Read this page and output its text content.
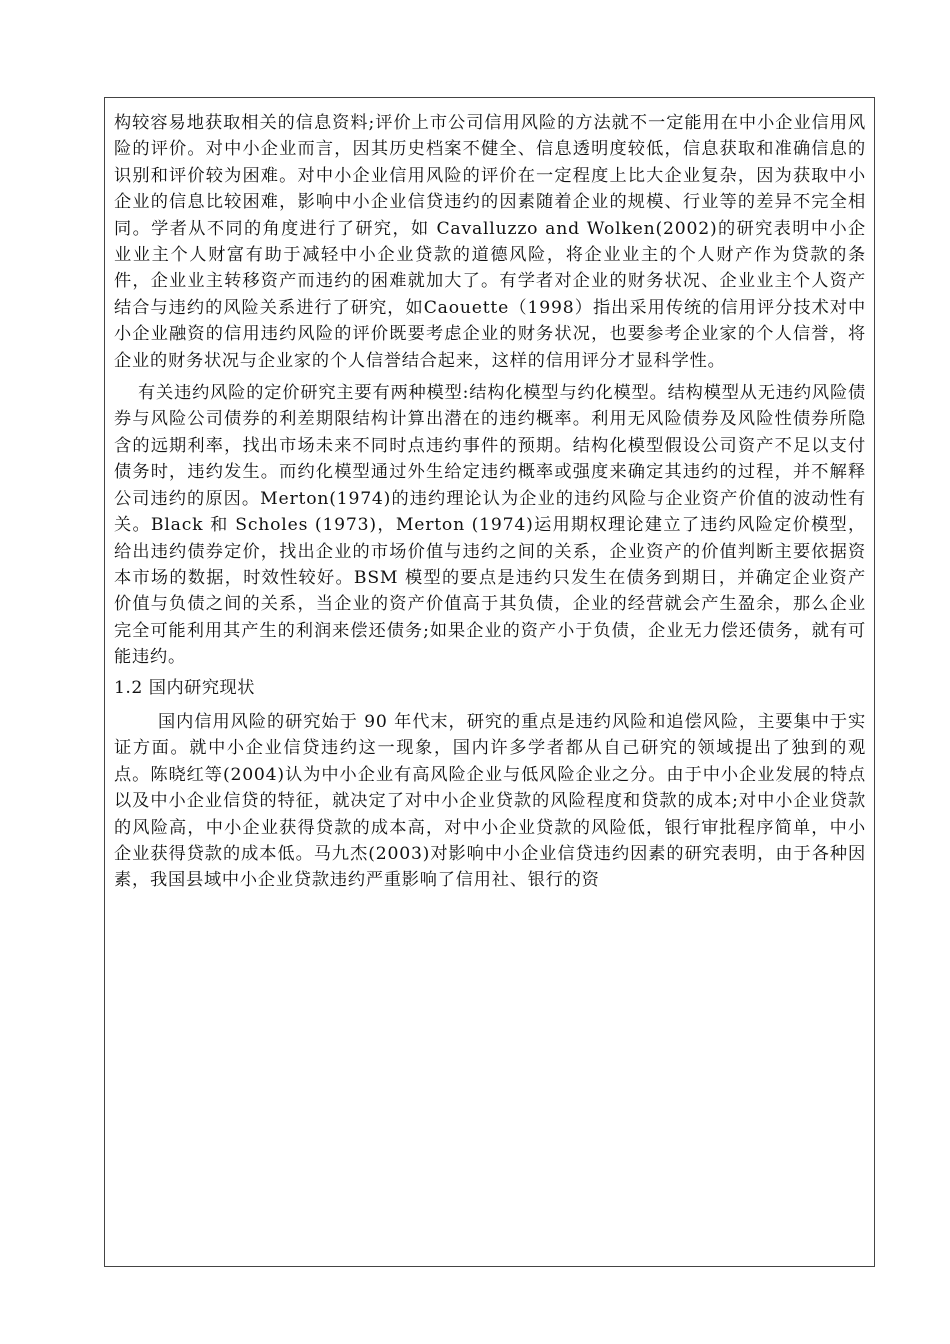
构较容易地获取相关的信息资料;评价上市公司信用风险的方法就不一定能用在中小企业信用风险的评价。对中小企业而言，因其历史档案不健全、信息透明度较低，信息获取和准确信息的识别和评价较为困难。对中小企业信用风险的评价在一定程度上比大企业复杂，因为获取中小企业的信息比较困难，影响中小企业信贷违约的因素随着企业的规模、行业等的差异不完全相同。学者从不同的角度进行了研究，如 Cavalluzzo and Wolken(2002)的研究表明中小企业业主个人财富有助于减轻中小企业贷款的道德风险，将企业业主的个人财产作为贷款的条件，企业业主转移资产而违约的困难就加大了。有学者对企业的财务状况、企业业主个人资产结合与违约的风险关系进行了研究，如Caouette（1998）指出采用传统的信用评分技术对中小企业融资的信用违约风险的评价既要考虑企业的财务状况，也要参考企业家的个人信誉，将企业的财务状况与企业家的个人信誉结合起来，这样的信用评分才显科学性。

有关违约风险的定价研究主要有两种模型:结构化模型与约化模型。结构模型从无违约风险债券与风险公司债券的利差期限结构计算出潜在的违约概率。利用无风险债券及风险性债券所隐含的远期利率，找出市场未来不同时点违约事件的预期。结构化模型假设公司资产不足以支付债务时，违约发生。而约化模型通过外生给定违约概率或强度来确定其违约的过程，并不解释公司违约的原因。Merton(1974)的违约理论认为企业的违约风险与企业资产价值的波动性有关。Black 和 Scholes (1973)，Merton (1974)运用期权理论建立了违约风险定价模型，给出违约债券定价，找出企业的市场价值与违约之间的关系，企业资产的价值判断主要依据资本市场的数据，时效性较好。BSM 模型的要点是违约只发生在债务到期日，并确定企业资产价值与负债之间的关系，当企业的资产价值高于其负债，企业的经营就会产生盈余，那么企业完全可能利用其产生的利润来偿还债务;如果企业的资产小于负债，企业无力偿还债务，就有可能违约。

1.2 国内研究现状

国内信用风险的研究始于 90 年代末，研究的重点是违约风险和追偿风险，主要集中于实证方面。就中小企业信贷违约这一现象，国内许多学者都从自己研究的领域提出了独到的观点。陈晓红等(2004)认为中小企业有高风险企业与低风险企业之分。由于中小企业发展的特点以及中小企业信贷的特征，就决定了对中小企业贷款的风险程度和贷款的成本;对中小企业贷款的风险高，中小企业获得贷款的成本高，对中小企业贷款的风险低，银行审批程序简单，中小企业获得贷款的成本低。马九杰(2003)对影响中小企业信贷违约因素的研究表明，由于各种因素，我国县域中小企业贷款违约严重影响了信用社、银行的资
